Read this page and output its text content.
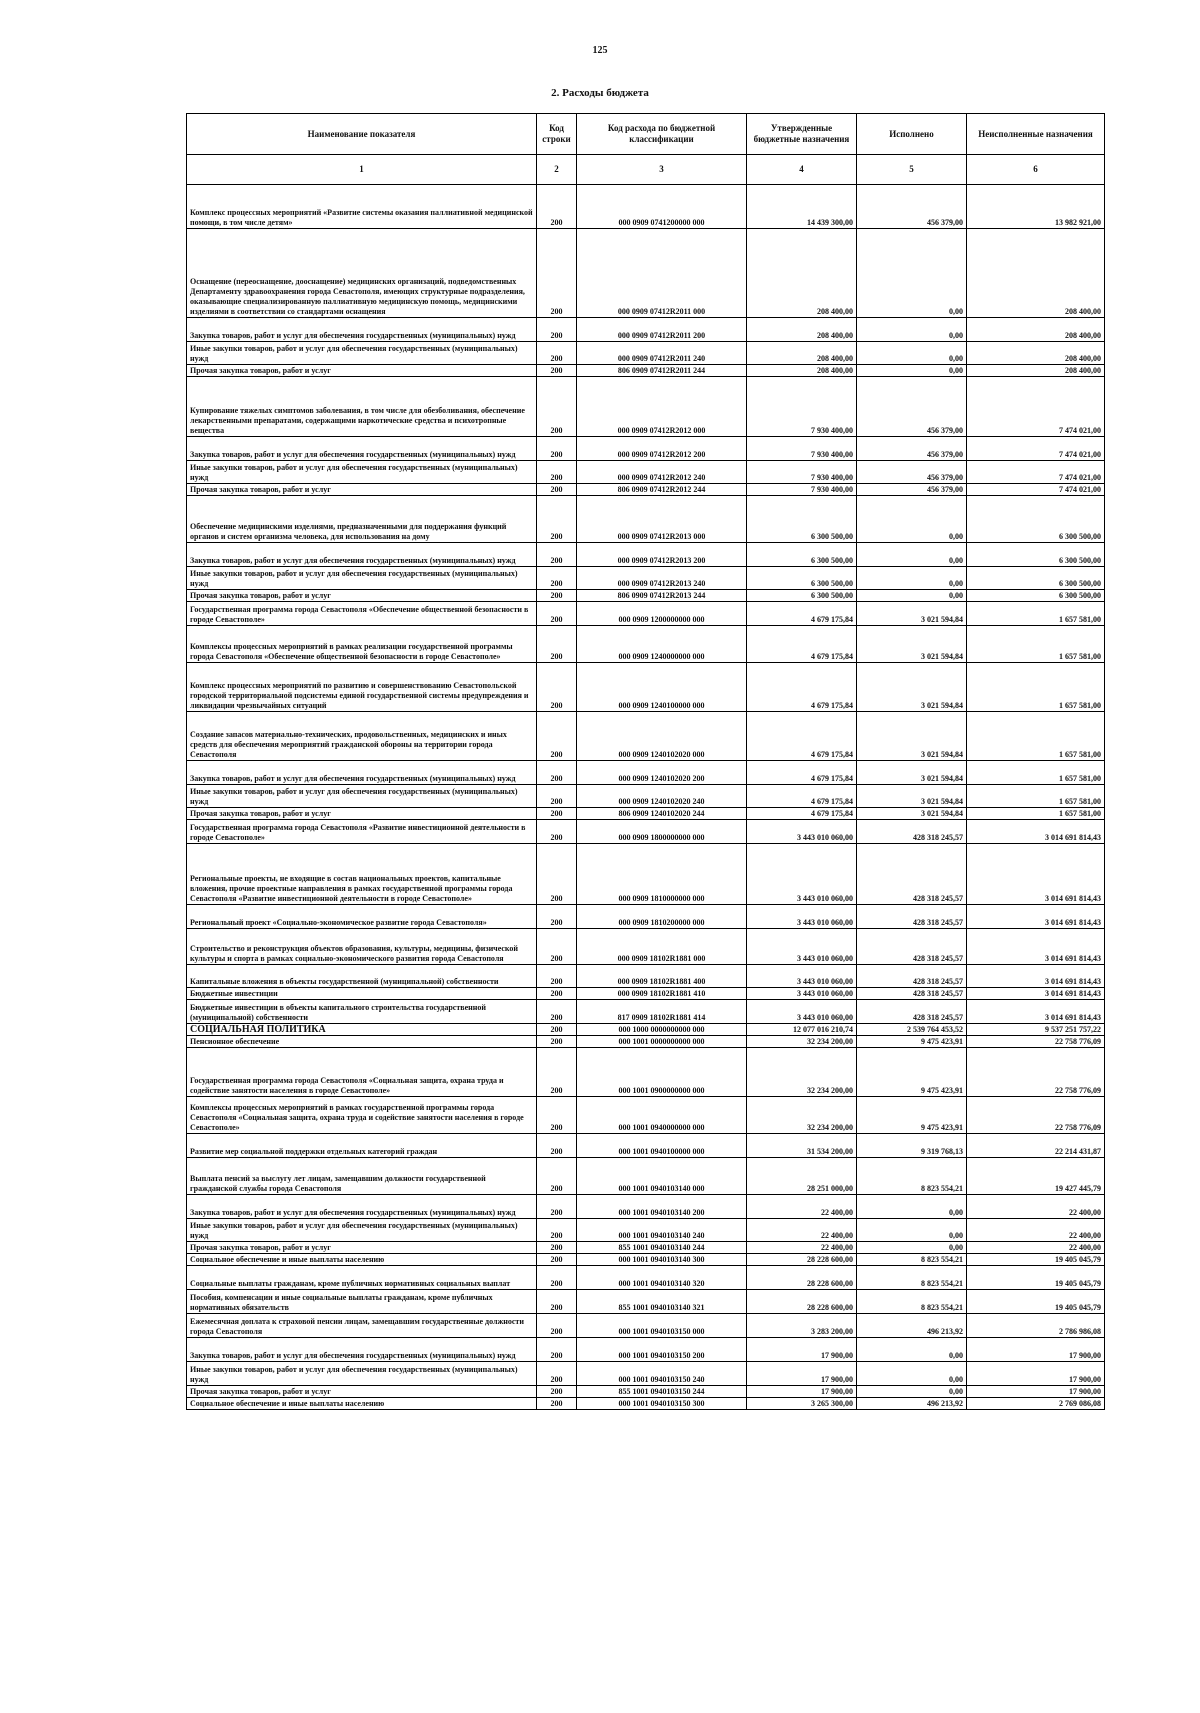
125
2. Расходы бюджета
Наименование показателя	Код строки	Код расхода по бюджетной классификации	Утвержденные бюджетные назначения	Исполнено	Неисполненные назначения
1	2	3	4	5	6
Комплекс процессных мероприятий «Развитие системы оказания паллиативной медицинской помощи, в том числе детям»	200	000 0909 0741200000 000	14 439 300,00	456 379,00	13 982 921,00
Оснащение (переоснащение, дооснащение) медицинских организаций, подведомственных Департаменту здравоохранения города Севастополя, имеющих структурные подразделения, оказывающие специализированную паллиативную медицинскую помощь, медицинскими изделиями в соответствии со стандартами оснащения	200	000 0909 07412R2011 000	208 400,00	0,00	208 400,00
Закупка товаров, работ и услуг для обеспечения государственных (муниципальных) нужд	200	000 0909 07412R2011 200	208 400,00	0,00	208 400,00
Иные закупки товаров, работ и услуг для обеспечения государственных (муниципальных) нужд	200	000 0909 07412R2011 240	208 400,00	0,00	208 400,00
Прочая закупка товаров, работ и услуг	200	806 0909 07412R2011 244	208 400,00	0,00	208 400,00
Купирование тяжелых симптомов заболевания, в том числе для обезболивания, обеспечение лекарственными препаратами, содержащими наркотические средства и психотропные вещества	200	000 0909 07412R2012 000	7 930 400,00	456 379,00	7 474 021,00
Закупка товаров, работ и услуг для обеспечения государственных (муниципальных) нужд	200	000 0909 07412R2012 200	7 930 400,00	456 379,00	7 474 021,00
Иные закупки товаров, работ и услуг для обеспечения государственных (муниципальных) нужд	200	000 0909 07412R2012 240	7 930 400,00	456 379,00	7 474 021,00
Прочая закупка товаров, работ и услуг	200	806 0909 07412R2012 244	7 930 400,00	456 379,00	7 474 021,00
Обеспечение медицинскими изделиями, предназначенными для поддержания функций органов и систем организма человека, для использования на дому	200	000 0909 07412R2013 000	6 300 500,00	0,00	6 300 500,00
Закупка товаров, работ и услуг для обеспечения государственных (муниципальных) нужд	200	000 0909 07412R2013 200	6 300 500,00	0,00	6 300 500,00
Иные закупки товаров, работ и услуг для обеспечения государственных (муниципальных) нужд	200	000 0909 07412R2013 240	6 300 500,00	0,00	6 300 500,00
Прочая закупка товаров, работ и услуг	200	806 0909 07412R2013 244	6 300 500,00	0,00	6 300 500,00
Государственная программа города Севастополя «Обеспечение общественной безопасности в городе Севастополе»	200	000 0909 1200000000 000	4 679 175,84	3 021 594,84	1 657 581,00
Комплексы процессных мероприятий в рамках реализации государственной программы города Севастополя «Обеспечение общественной безопасности в городе Севастополе»	200	000 0909 1240000000 000	4 679 175,84	3 021 594,84	1 657 581,00
Комплекс процессных мероприятий по развитию и совершенствованию Севастопольской городской территориальной подсистемы единой государственной системы предупреждения и ликвидации чрезвычайных ситуаций	200	000 0909 1240100000 000	4 679 175,84	3 021 594,84	1 657 581,00
Создание запасов материально-технических, продовольственных, медицинских и иных средств для обеспечения мероприятий гражданской обороны на территории города Севастополя	200	000 0909 1240102020 000	4 679 175,84	3 021 594,84	1 657 581,00
Закупка товаров, работ и услуг для обеспечения государственных (муниципальных) нужд	200	000 0909 1240102020 200	4 679 175,84	3 021 594,84	1 657 581,00
Иные закупки товаров, работ и услуг для обеспечения государственных (муниципальных) нужд	200	000 0909 1240102020 240	4 679 175,84	3 021 594,84	1 657 581,00
Прочая закупка товаров, работ и услуг	200	806 0909 1240102020 244	4 679 175,84	3 021 594,84	1 657 581,00
Государственная программа города Севастополя «Развитие инвестиционной деятельности в городе Севастополе»	200	000 0909 1800000000 000	3 443 010 060,00	428 318 245,57	3 014 691 814,43
Региональные проекты, не входящие в состав национальных проектов, капитальные вложения, прочие проектные направления в рамках государственной программы города Севастополя «Развитие инвестиционной деятельности в городе Севастополе»	200	000 0909 1810000000 000	3 443 010 060,00	428 318 245,57	3 014 691 814,43
Региональный проект «Социально-экономическое развитие города Севастополя»	200	000 0909 1810200000 000	3 443 010 060,00	428 318 245,57	3 014 691 814,43
Строительство и реконструкция объектов образования, культуры, медицины, физической культуры и спорта в рамках социально-экономического развития города Севастополя	200	000 0909 18102R1881 000	3 443 010 060,00	428 318 245,57	3 014 691 814,43
Капитальные вложения в объекты государственной (муниципальной) собственности	200	000 0909 18102R1881 400	3 443 010 060,00	428 318 245,57	3 014 691 814,43
Бюджетные инвестиции	200	000 0909 18102R1881 410	3 443 010 060,00	428 318 245,57	3 014 691 814,43
Бюджетные инвестиции в объекты капитального строительства государственной (муниципальной) собственности	200	817 0909 18102R1881 414	3 443 010 060,00	428 318 245,57	3 014 691 814,43
СОЦИАЛЬНАЯ ПОЛИТИКА	200	000 1000 0000000000 000	12 077 016 210,74	2 539 764 453,52	9 537 251 757,22
Пенсионное обеспечение	200	000 1001 0000000000 000	32 234 200,00	9 475 423,91	22 758 776,09
Государственная программа города Севастополя «Социальная защита, охрана труда и содействие занятости населения в городе Севастополе»	200	000 1001 0900000000 000	32 234 200,00	9 475 423,91	22 758 776,09
Комплексы процессных мероприятий в рамках государственной программы города Севастополя «Социальная защита, охрана труда и содействие занятости населения в городе Севастополе»	200	000 1001 0940000000 000	32 234 200,00	9 475 423,91	22 758 776,09
Развитие мер социальной поддержки отдельных категорий граждан	200	000 1001 0940100000 000	31 534 200,00	9 319 768,13	22 214 431,87
Выплата пенсий за выслугу лет лицам, замещавшим должности государственной гражданской службы города Севастополя	200	000 1001 0940103140 000	28 251 000,00	8 823 554,21	19 427 445,79
Закупка товаров, работ и услуг для обеспечения государственных (муниципальных) нужд	200	000 1001 0940103140 200	22 400,00	0,00	22 400,00
Иные закупки товаров, работ и услуг для обеспечения государственных (муниципальных) нужд	200	000 1001 0940103140 240	22 400,00	0,00	22 400,00
Прочая закупка товаров, работ и услуг	200	855 1001 0940103140 244	22 400,00	0,00	22 400,00
Социальное обеспечение и иные выплаты населению	200	000 1001 0940103140 300	28 228 600,00	8 823 554,21	19 405 045,79
Социальные выплаты гражданам, кроме публичных нормативных социальных выплат	200	000 1001 0940103140 320	28 228 600,00	8 823 554,21	19 405 045,79
Пособия, компенсации и иные социальные выплаты гражданам, кроме публичных нормативных обязательств	200	855 1001 0940103140 321	28 228 600,00	8 823 554,21	19 405 045,79
Ежемесячная доплата к страховой пенсии лицам, замещавшим государственные должности города Севастополя	200	000 1001 0940103150 000	3 283 200,00	496 213,92	2 786 986,08
Закупка товаров, работ и услуг для обеспечения государственных (муниципальных) нужд	200	000 1001 0940103150 200	17 900,00	0,00	17 900,00
Иные закупки товаров, работ и услуг для обеспечения государственных (муниципальных) нужд	200	000 1001 0940103150 240	17 900,00	0,00	17 900,00
Прочая закупка товаров, работ и услуг	200	855 1001 0940103150 244	17 900,00	0,00	17 900,00
Социальное обеспечение и иные выплаты населению	200	000 1001 0940103150 300	3 265 300,00	496 213,92	2 769 086,08
